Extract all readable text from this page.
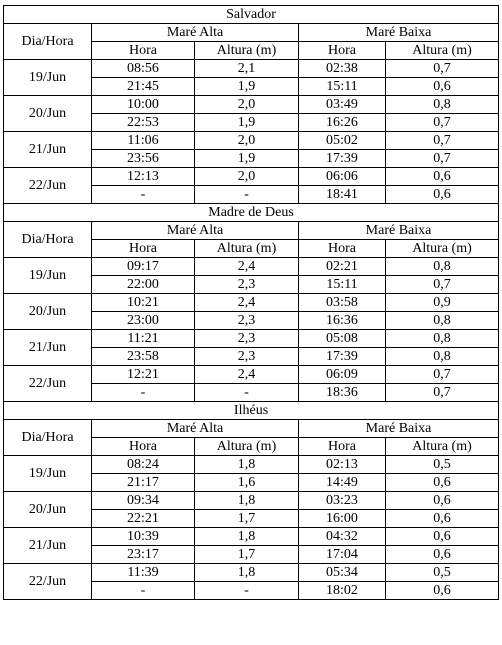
Salvador				
Dia/Hora	Maré Alta		Maré Baixa	
	Hora	Altura (m)	Hora	Altura (m)
19/Jun	08:56	2,1	02:38	0,7
	21:45	1,9	15:11	0,6
20/Jun	10:00	2,0	03:49	0,8
	22:53	1,9	16:26	0,7
21/Jun	11:06	2,0	05:02	0,7
	23:56	1,9	17:39	0,7
22/Jun	12:13	2,0	06:06	0,6
	-	-	18:41	0,6
Madre de Deus				
Dia/Hora	Maré Alta		Maré Baixa	
	Hora	Altura (m)	Hora	Altura (m)
19/Jun	09:17	2,4	02:21	0,8
	22:00	2,3	15:11	0,7
20/Jun	10:21	2,4	03:58	0,9
	23:00	2,3	16:36	0,8
21/Jun	11:21	2,3	05:08	0,8
	23:58	2,3	17:39	0,8
22/Jun	12:21	2,4	06:09	0,7
	-	-	18:36	0,7
Ilhéus				
Dia/Hora	Maré Alta		Maré Baixa	
	Hora	Altura (m)	Hora	Altura (m)
19/Jun	08:24	1,8	02:13	0,5
	21:17	1,6	14:49	0,6
20/Jun	09:34	1,8	03:23	0,6
	22:21	1,7	16:00	0,6
21/Jun	10:39	1,8	04:32	0,6
	23:17	1,7	17:04	0,6
22/Jun	11:39	1,8	05:34	0,5
	-	-	18:02	0,6
